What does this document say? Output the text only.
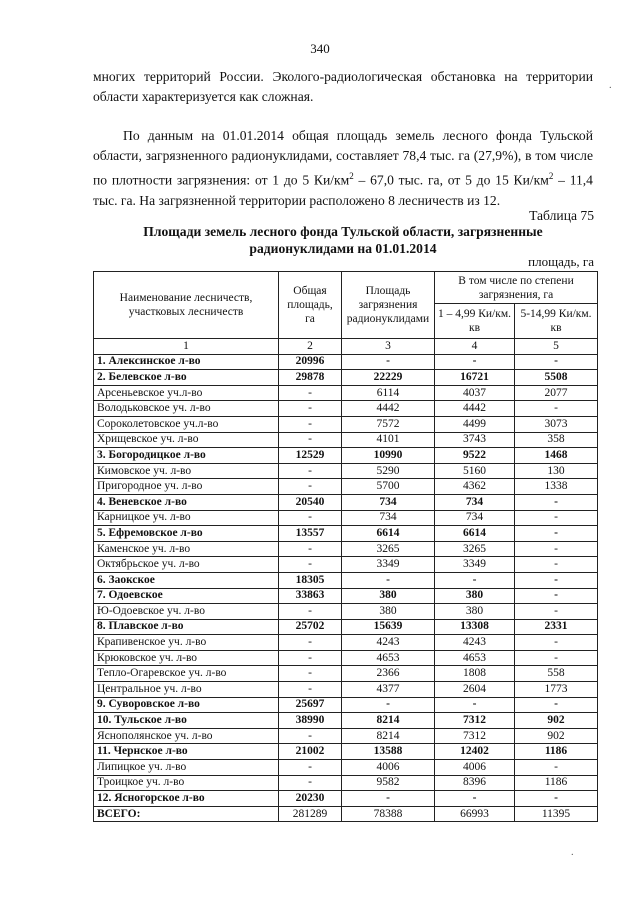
340
многих территорий России. Эколого-радиологическая обстановка на территории области характеризуется как сложная.
По данным на 01.01.2014 общая площадь земель лесного фонда Тульской области, загрязненного радионуклидами, составляет 78,4 тыс. га (27,9%), в том числе по плотности загрязнения: от 1 до 5 $Ки/км^2 - 67,0$ тыс. га, от 5 до 15 $Ки/км^2 - 11,4$ тыс. га. На загрязненной территории расположено 8 лесничеств из 12.
Таблица 75
Площади земель лесного фонда Тульской области, загрязненные радионуклидами на 01.01.2014
площадь, га
Наименование лесничеств, участковых лесничеств	Общая площадь, га	Площадь загрязнения радионуклидами	В том числе по степени загрязнения, га	
			1 – 4,99 Ки/км. кв	5-14,99 Ки/км. кв
1	2	3	4	5
1. Алексинское л-во	20996	-	-	-
2. Белевское л-во	29878	22229	16721	5508
Арсеньевское уч.л-во	-	6114	4037	2077
Володьковское уч. л-во	-	4442	4442	-
Сороколетовское уч.л-во	-	7572	4499	3073
Хрищевское уч. л-во	-	4101	3743	358
3. Богородицкое л-во	12529	10990	9522	1468
Кимовское уч. л-во	-	5290	5160	130
Пригородное уч. л-во	-	5700	4362	1338
4. Веневское л-во	20540	734	734	-
Карницкое уч. л-во	-	734	734	-
5. Ефремовское л-во	13557	6614	6614	-
Каменское уч. л-во	-	3265	3265	-
Октябрьское уч. л-во	-	3349	3349	-
6. Заокское	18305	-	-	-
7. Одоевское	33863	380	380	-
Ю-Одоевское уч. л-во	-	380	380	-
8. Плавское л-во	25702	15639	13308	2331
Крапивенское уч. л-во	-	4243	4243	-
Крюковское уч. л-во	-	4653	4653	-
Тепло-Огаревское уч. л-во	-	2366	1808	558
Центральное уч. л-во	-	4377	2604	1773
9. Суворовское л-во	25697	-	-	-
10. Тульское л-во	38990	8214	7312	902
Яснополянское уч. л-во	-	8214	7312	902
11. Чернское л-во	21002	13588	12402	1186
Липицкое уч. л-во	-	4006	4006	-
Троицкое уч. л-во	-	9582	8396	1186
12. Ясногорское л-во	20230	-	-	-
ВСЕГО:	281289	78388	66993	11395
·
·
